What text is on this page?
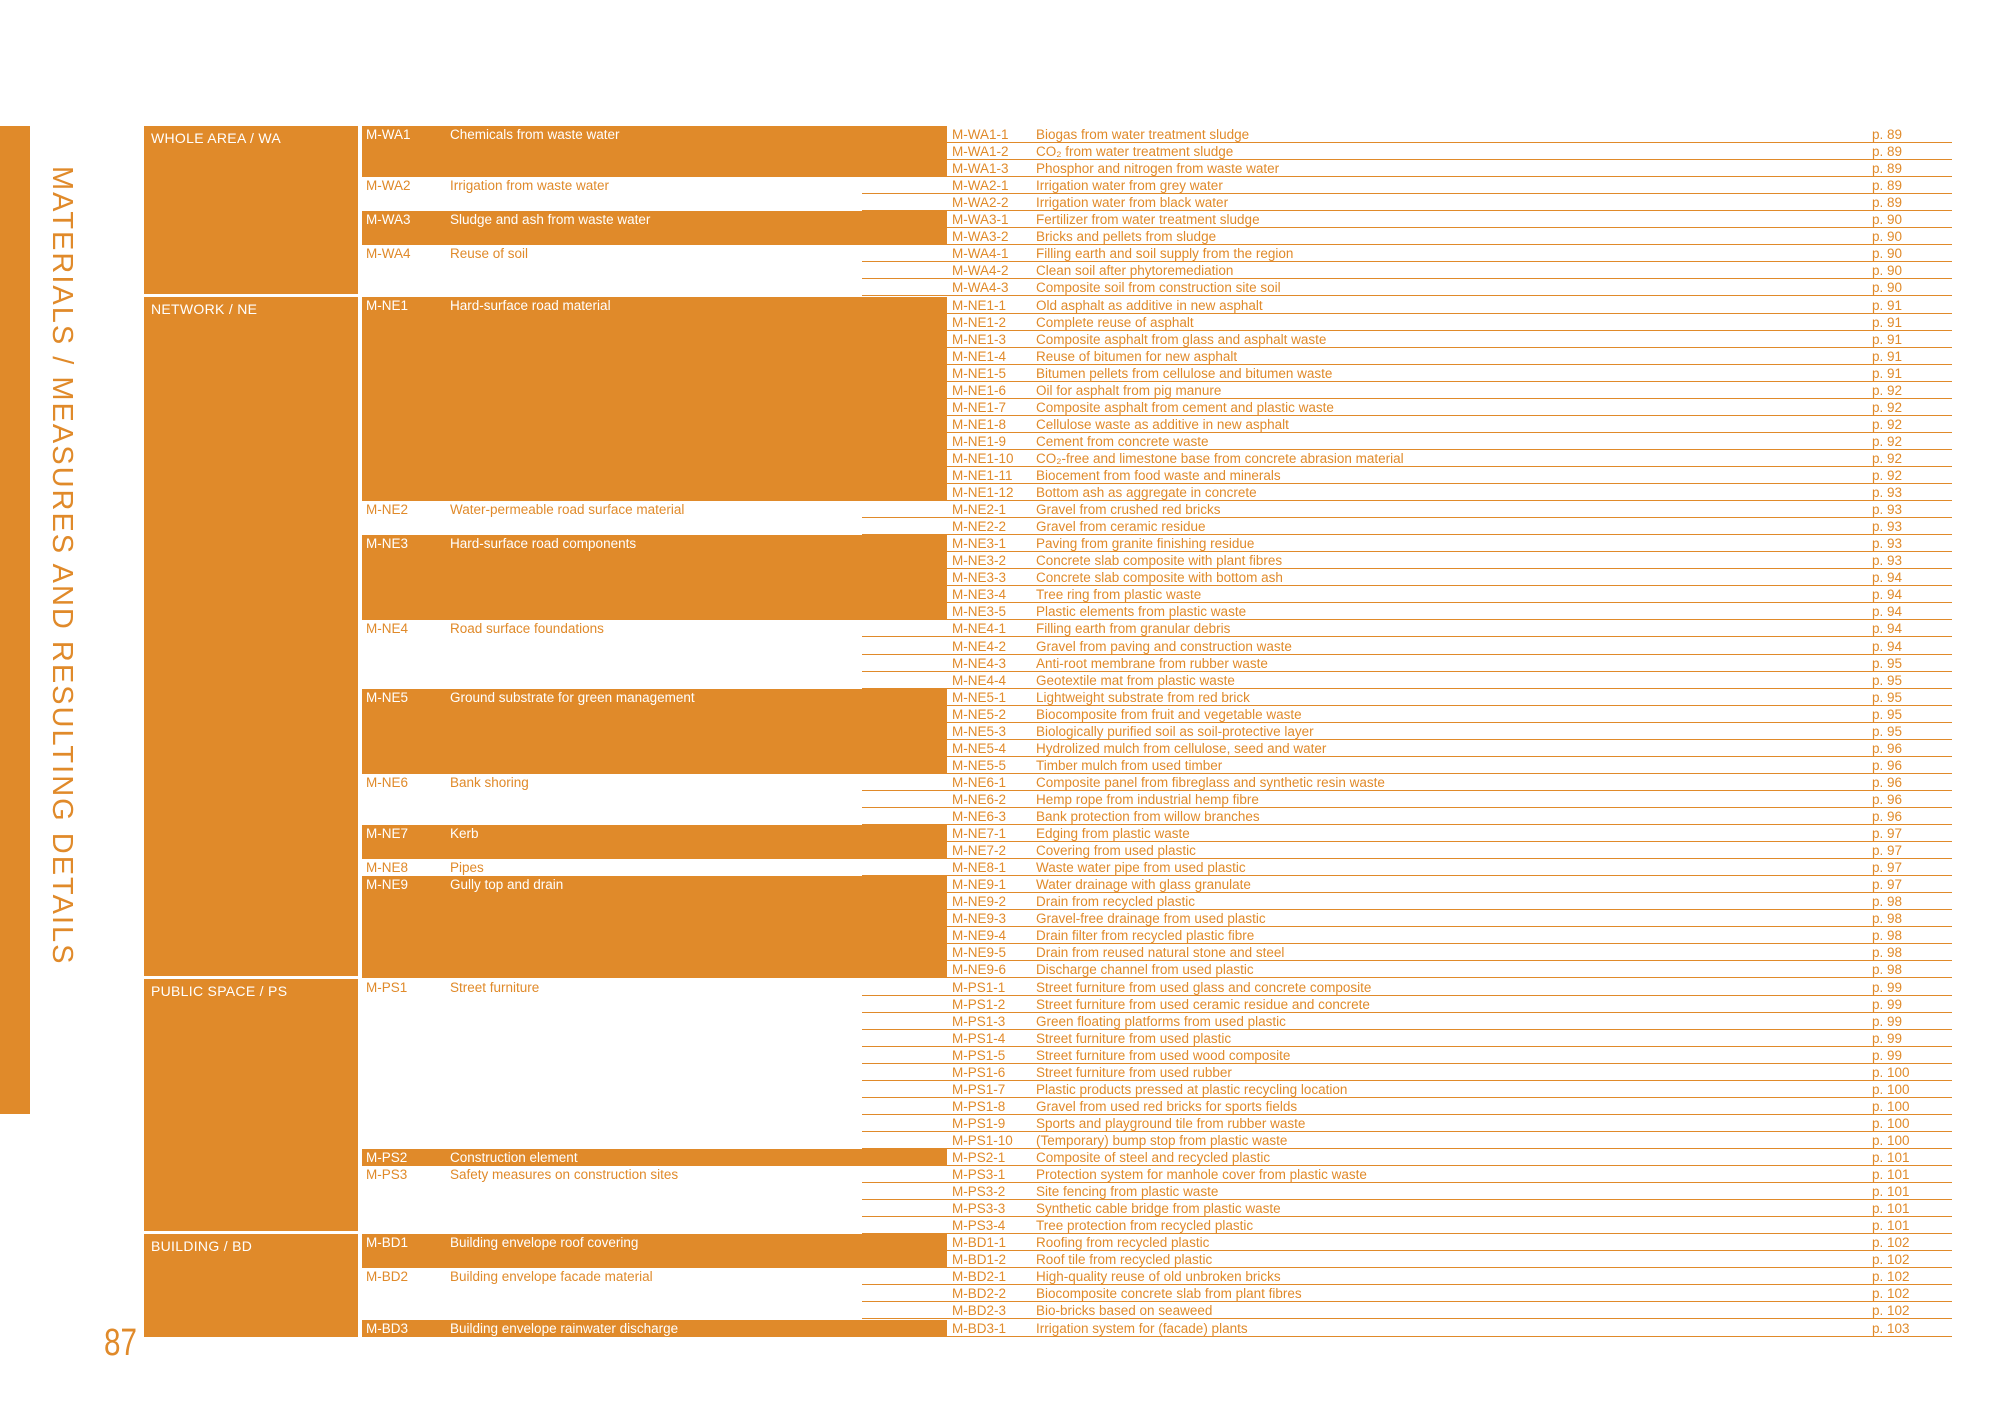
MATERIALS / MEASURES AND RESULTING DETAILS
87
WHOLE AREA / WA	M-WA1	Chemicals from waste water	M-WA1-1 Biogas from water treatment sludge	p. 89
M-WA1-2 CO₂ from water treatment sludge	p. 89
M-WA1-3 Phosphor and nitrogen from waste water	p. 89
M-WA2	Irrigation from waste water	M-WA2-1 Irrigation water from grey water	p. 89
M-WA2-2 Irrigation water from black water	p. 89
M-WA3	Sludge and ash from waste water	M-WA3-1 Fertilizer from water treatment sludge	p. 90
M-WA3-2 Bricks and pellets from sludge	p. 90
M-WA4	Reuse of soil	M-WA4-1 Filling earth and soil supply from the region	p. 90
M-WA4-2 Clean soil after phytoremediation	p. 90
M-WA4-3 Composite soil from construction site soil	p. 90
NETWORK / NE	M-NE1	Hard-surface road material	M-NE1-1 Old asphalt as additive in new asphalt	p. 91
M-NE1-2 Complete reuse of asphalt	p. 91
M-NE1-3 Composite asphalt from glass and asphalt waste	p. 91
M-NE1-4 Reuse of bitumen for new asphalt	p. 91
M-NE1-5 Bitumen pellets from cellulose and bitumen waste	p. 91
M-NE1-6 Oil for asphalt from pig manure	p. 92
M-NE1-7 Composite asphalt from cement and plastic waste	p. 92
M-NE1-8 Cellulose waste as additive in new asphalt	p. 92
M-NE1-9 Cement from concrete waste	p. 92
M-NE1-10 CO₂-free and limestone base from concrete abrasion material	p. 92
M-NE1-11 Biocement from food waste and minerals	p. 92
M-NE1-12 Bottom ash as aggregate in concrete	p. 93
M-NE2	Water-permeable road surface material	M-NE2-1 Gravel from crushed red bricks	p. 93
M-NE2-2 Gravel from ceramic residue	p. 93
M-NE3	Hard-surface road components	M-NE3-1 Paving from granite finishing residue	p. 93
M-NE3-2 Concrete slab composite with plant fibres	p. 93
M-NE3-3 Concrete slab composite with bottom ash	p. 94
M-NE3-4 Tree ring from plastic waste	p. 94
M-NE3-5 Plastic elements from plastic waste	p. 94
M-NE4	Road surface foundations	M-NE4-1 Filling earth from granular debris	p. 94
M-NE4-2 Gravel from paving and construction waste	p. 94
M-NE4-3 Anti-root membrane from rubber waste	p. 95
M-NE4-4 Geotextile mat from plastic waste	p. 95
M-NE5	Ground substrate for green management	M-NE5-1 Lightweight substrate from red brick	p. 95
M-NE5-2 Biocomposite from fruit and vegetable waste	p. 95
M-NE5-3 Biologically purified soil as soil-protective layer	p. 95
M-NE5-4 Hydrolized mulch from cellulose, seed and water	p. 96
M-NE5-5 Timber mulch from used timber	p. 96
M-NE6	Bank shoring	M-NE6-1 Composite panel from fibreglass and synthetic resin waste	p. 96
M-NE6-2 Hemp rope from industrial hemp fibre	p. 96
M-NE6-3 Bank protection from willow branches	p. 96
M-NE7	Kerb	M-NE7-1 Edging from plastic waste	p. 97
M-NE7-2 Covering from used plastic	p. 97
M-NE8	Pipes	M-NE8-1 Waste water pipe from used plastic	p. 97
M-NE9	Gully top and drain	M-NE9-1 Water drainage with glass granulate	p. 97
M-NE9-2 Drain from recycled plastic	p. 98
M-NE9-3 Gravel-free drainage from used plastic	p. 98
M-NE9-4 Drain filter from recycled plastic fibre	p. 98
M-NE9-5 Drain from reused natural stone and steel	p. 98
M-NE9-6 Discharge channel from used plastic	p. 98
PUBLIC SPACE / PS	M-PS1	Street furniture	M-PS1-1 Street furniture from used glass and concrete composite	p. 99
M-PS1-2 Street furniture from used ceramic residue and concrete	p. 99
M-PS1-3 Green floating platforms from used plastic	p. 99
M-PS1-4 Street furniture from used plastic	p. 99
M-PS1-5 Street furniture from used wood composite	p. 99
M-PS1-6 Street furniture from used rubber	p. 100
M-PS1-7 Plastic products pressed at plastic recycling location	p. 100
M-PS1-8 Gravel from used red bricks for sports fields	p. 100
M-PS1-9 Sports and playground tile from rubber waste	p. 100
M-PS1-10 (Temporary) bump stop from plastic waste	p. 100
M-PS2	Construction element	M-PS2-1 Composite of steel and recycled plastic	p. 101
M-PS3	Safety measures on construction sites	M-PS3-1 Protection system for manhole cover from plastic waste	p. 101
M-PS3-2 Site fencing from plastic waste	p. 101
M-PS3-3 Synthetic cable bridge from plastic waste	p. 101
M-PS3-4 Tree protection from recycled plastic	p. 101
BUILDING / BD	M-BD1	Building envelope roof covering	M-BD1-1 Roofing from recycled plastic	p. 102
M-BD1-2 Roof tile from recycled plastic	p. 102
M-BD2	Building envelope facade material	M-BD2-1 High-quality reuse of old unbroken bricks	p. 102
M-BD2-2 Biocomposite concrete slab from plant fibres	p. 102
M-BD2-3 Bio-bricks based on seaweed	p. 102
M-BD3	Building envelope rainwater discharge	M-BD3-1 Irrigation system for (facade) plants	p. 103
